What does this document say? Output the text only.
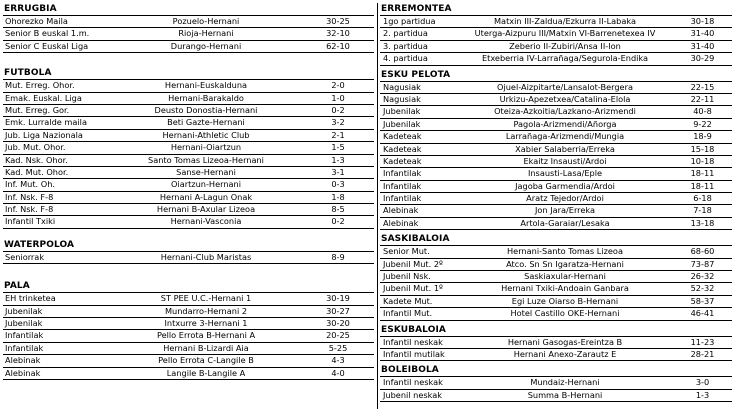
ERRUGBIA
Ohorezko Maila	Pozuelo-Hernani	30-25
Senior B euskal 1.m.	Rioja-Hernani	32-10
Senior C Euskal Liga	Durango-Hernani	62-10
FUTBOLA
Mut. Erreg. Ohor.	Hernani-Euskalduna	2-0
Emak. Euskal. Liga	Hernani-Barakaldo	1-0
Mut. Erreg. Gor.	Deusto Donostia-Hernani	0-2
Emk. Lurralde maila	Beti Gazte-Hernani	3-2
Jub. Liga Nazionala	Hernani-Athletic Club	2-1
Jub. Mut. Ohor.	Hernani-Oiartzun	1-5
Kad. Nsk. Ohor.	Santo Tomas Lizeoa-Hernani	1-3
Kad. Mut. Ohor.	Sanse-Hernani	3-1
Inf. Mut. Oh.	Oiartzun-Hernani	0-3
Inf. Nsk. F-8	Hernani A-Lagun Onak	1-8
Inf. Nsk. F-8	Hernani B-Axular Lizeoa	8-5
Infantil Txiki	Hernani-Vasconia	0-2
WATERPOLOA
Seniorrak	Hernani-Club Maristas	8-9
PALA
EH trinketea	ST PEE U.C.-Hernani 1	30-19
Jubenilak	Mundarro-Hernani 2	30-27
Jubenilak	Intxurre 3-Hernani 1	30-20
Infantilak	Pello Errota B-Hernani A	20-25
Infantilak	Hernani B-Lizardi Aia	5-25
Alebinak	Pello Errota C-Langile B	4-3
Alebinak	Langile B-Langile A	4-0
ERREMONTEA
1go partidua	Matxin III-Zaldua/Ezkurra II-Labaka	30-18
2. partidua	Uterga-Aizpuru III/Matxin VI-Barrenetexea IV	31-40
3. partidua	Zeberio II-Zubiri/Ansa II-Ion	31-40
4. partidua	Etxeberria IV-Larrañaga/Segurola-Endika	30-29
ESKU PELOTA
Nagusiak	Ojuel-Aizpitarte/Lansalot-Bergera	22-15
Nagusiak	Urkizu-Apezetxea/Catalina-Elola	22-11
Jubenilak	Oteiza-Azkoitia/Lazkano-Arizmendi	40-8
Jubenilak	Pagola-Arizmendi/Añorga	9-22
Kadeteak	Larrañaga-Arizmendi/Mungia	18-9
Kadeteak	Xabier Salaberria/Erreka	15-18
Kadeteak	Ekaitz Insausti/Ardoi	10-18
Infantilak	Insausti-Lasa/Eple	18-11
Infantilak	Jagoba Garmendia/Ardoi	18-11
Infantilak	Aratz Tejedor/Ardoi	6-18
Alebinak	Jon Jara/Erreka	7-18
Alebinak	Artola-Garaiar/Lesaka	13-18
SASKIBALOIA
Senior Mut.	Hernani-Santo Tomas Lizeoa	68-60
Jubenil Mut. 2º	Atco. Sn Sn Igaratza-Hernani	73-87
Jubenil Nsk.	Saskiaxular-Hernani	26-32
Jubenil Mut. 1º	Hernani Txiki-Andoain Ganbara	52-32
Kadete Mut.	Egi Luze Oiarso B-Hernani	58-37
Infantil Mut.	Hotel Castillo OKE-Hernani	46-41
ESKUBALOIA
Infantil neskak	Hernani Gasogas-Ereintza B	11-23
Infantil mutilak	Hernani Anexo-Zarautz E	28-21
BOLEIBOLA
Infantil neskak	Mundaiz-Hernani	3-0
Jubenil neskak	Summa B-Hernani	1-3
